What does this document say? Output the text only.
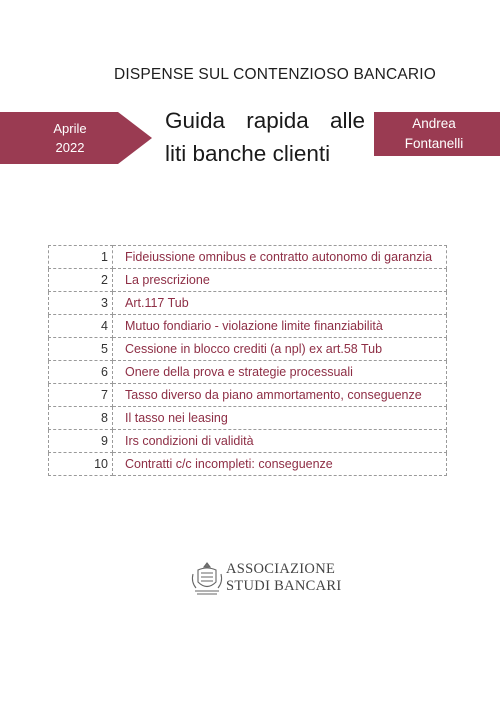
DISPENSE SUL CONTENZIOSO BANCARIO
Aprile
2022
Guida rapida alle
liti banche clienti
Andrea
Fontanelli
1	Fideiussione omnibus e contratto autonomo di garanzia
2	La prescrizione
3	Art.117 Tub
4	Mutuo fondiario - violazione limite finanziabilità
5	Cessione in blocco crediti (a npl) ex art.58 Tub
6	Onere della prova e strategie processuali
7	Tasso diverso da piano ammortamento, conseguenze
8	Il tasso nei leasing
9	Irs condizioni di validità
10	Contratti c/c incompleti: conseguenze
ASSOCIAZIONE
STUDI BANCARI
